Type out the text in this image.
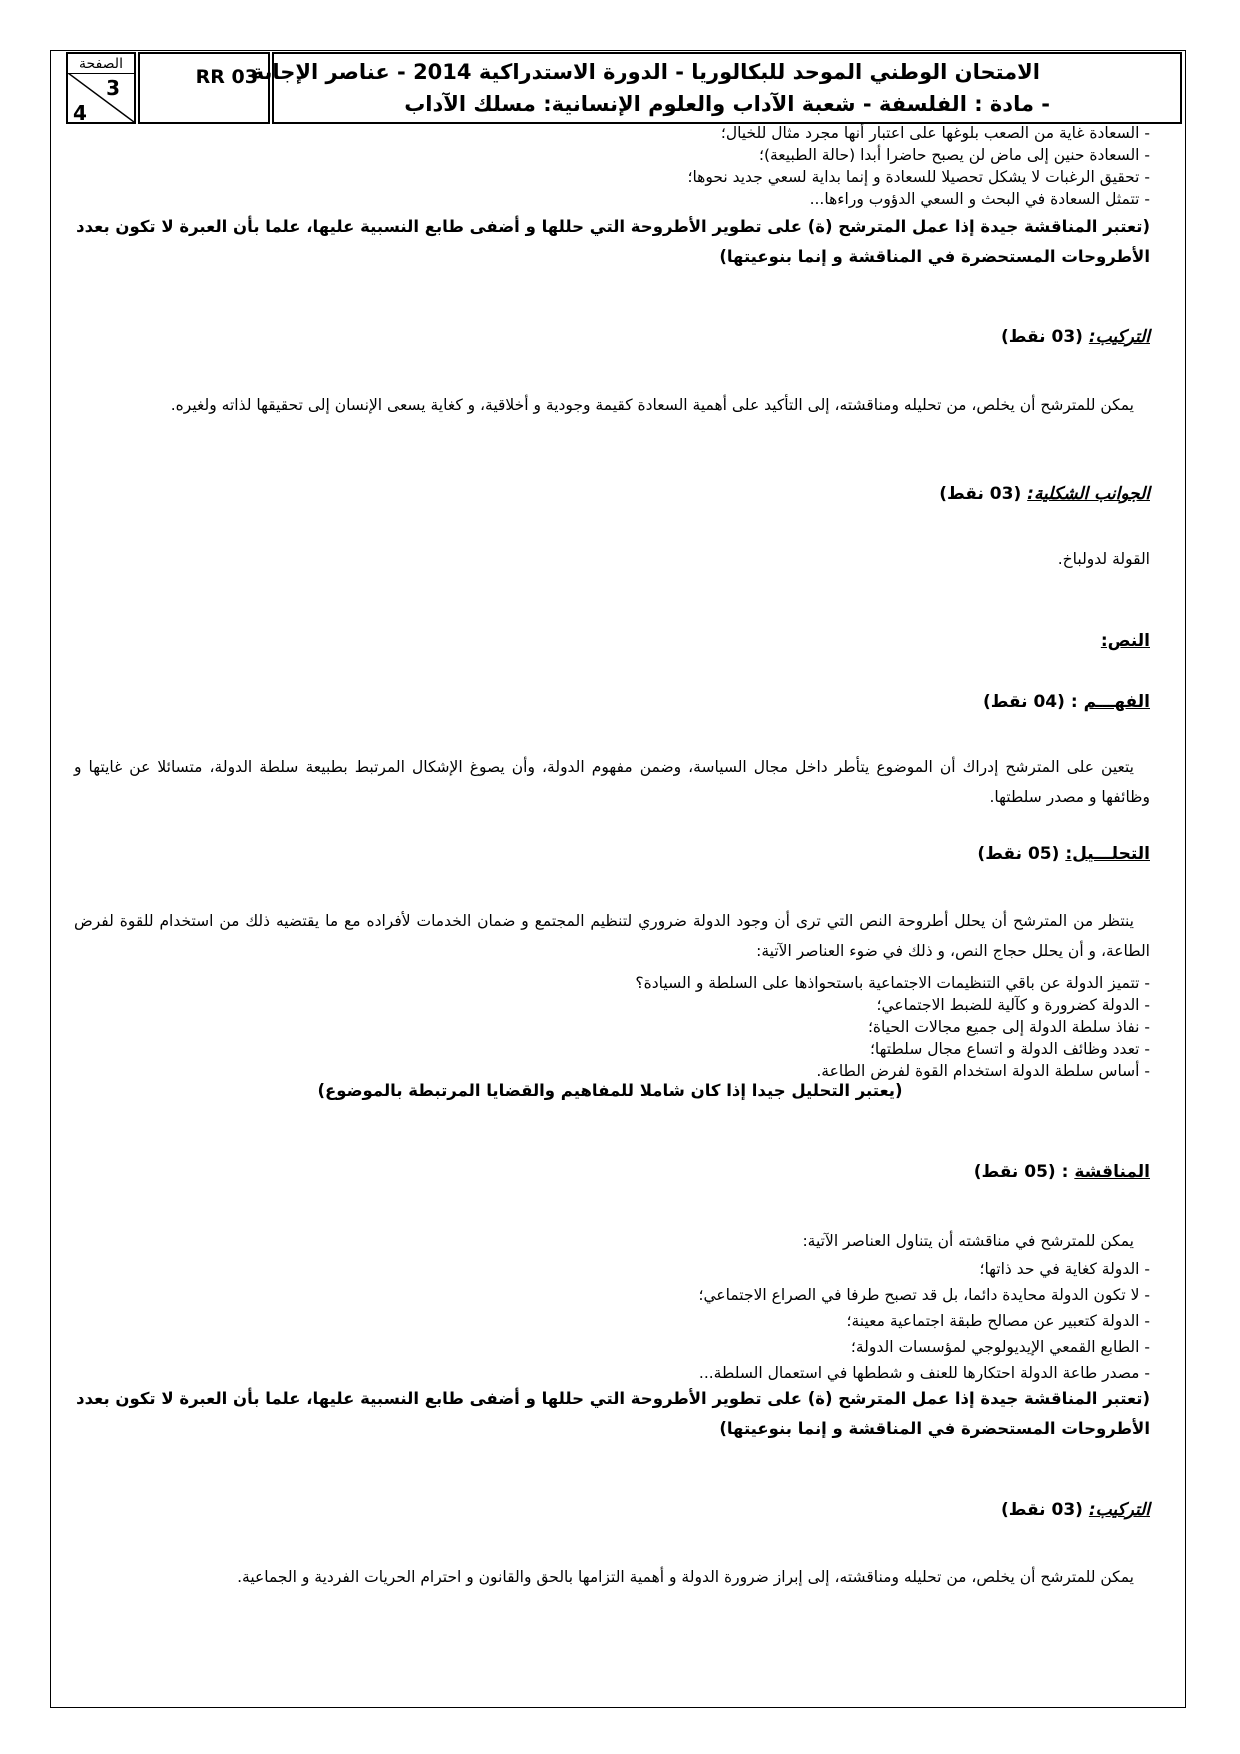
الصفحة
3
4
RR 03
الامتحان الوطني الموحد للبكالوريا - الدورة الاستدراكية 2014 - عناصر الإجابة
- مادة : الفلسفة - شعبة الآداب والعلوم الإنسانية: مسلك الآداب
- السعادة غاية من الصعب بلوغها على اعتبار أنها مجرد مثال للخيال؛
- السعادة حنين إلى ماض لن يصبح حاضرا أبدا (حالة الطبيعة)؛
- تحقيق الرغبات لا يشكل تحصيلا للسعادة و إنما بداية لسعي جديد نحوها؛
- تتمثل السعادة في البحث و السعي الدؤوب وراءها...
(تعتبر المناقشة جيدة إذا عمل المترشح (ة) على تطوير الأطروحة التي حللها و أضفى طابع النسبية عليها، علما بأن العبرة لا تكون بعدد
الأطروحات المستحضرة في المناقشة و إنما بنوعيتها)
التركيب: (03 نقط)
يمكن للمترشح أن يخلص، من تحليله ومناقشته، إلى التأكيد على أهمية السعادة كقيمة وجودية و أخلاقية، و كغاية يسعى الإنسان إلى تحقيقها لذاته ولغيره.
الجوانب الشكلية: (03 نقط)
القولة لدولباخ.
النص:
الفهـــم : (04 نقط)
يتعين على المترشح إدراك أن الموضوع يتأطر داخل مجال السياسة، وضمن مفهوم الدولة، وأن يصوغ الإشكال المرتبط بطبيعة سلطة الدولة، متسائلا عن غايتها و وظائفها و مصدر سلطتها.
التحلـــيل: (05 نقط)
ينتظر من المترشح أن يحلل أطروحة النص التي ترى أن وجود الدولة ضروري لتنظيم المجتمع و ضمان الخدمات لأفراده مع ما يقتضيه ذلك من استخدام للقوة لفرض الطاعة، و أن يحلل حجاج النص، و ذلك في ضوء العناصر الآتية:
- تتميز الدولة عن باقي التنظيمات الاجتماعية باستحواذها على السلطة و السيادة؟
- الدولة كضرورة و كآلية للضبط الاجتماعي؛
- نفاذ سلطة الدولة إلى جميع مجالات الحياة؛
- تعدد وظائف الدولة و اتساع مجال سلطتها؛
- أساس سلطة الدولة استخدام القوة لفرض الطاعة.
(يعتبر التحليل جيدا إذا كان شاملا للمفاهيم والقضايا المرتبطة بالموضوع)
المناقشة : (05 نقط)
يمكن للمترشح في مناقشته أن يتناول العناصر الآتية:
- الدولة كغاية في حد ذاتها؛
- لا تكون الدولة محايدة دائما، بل قد تصبح طرفا في الصراع الاجتماعي؛
- الدولة كتعبير عن مصالح طبقة اجتماعية معينة؛
- الطابع القمعي الإيديولوجي لمؤسسات الدولة؛
- مصدر طاعة الدولة احتكارها للعنف و شططها في استعمال السلطة...
(تعتبر المناقشة جيدة إذا عمل المترشح (ة) على تطوير الأطروحة التي حللها و أضفى طابع النسبية عليها، علما بأن العبرة لا تكون بعدد
الأطروحات المستحضرة في المناقشة و إنما بنوعيتها)
التركيب: (03 نقط)
يمكن للمترشح أن يخلص، من تحليله ومناقشته، إلى إبراز ضرورة الدولة و أهمية التزامها بالحق والقانون و احترام الحريات الفردية و الجماعية.
